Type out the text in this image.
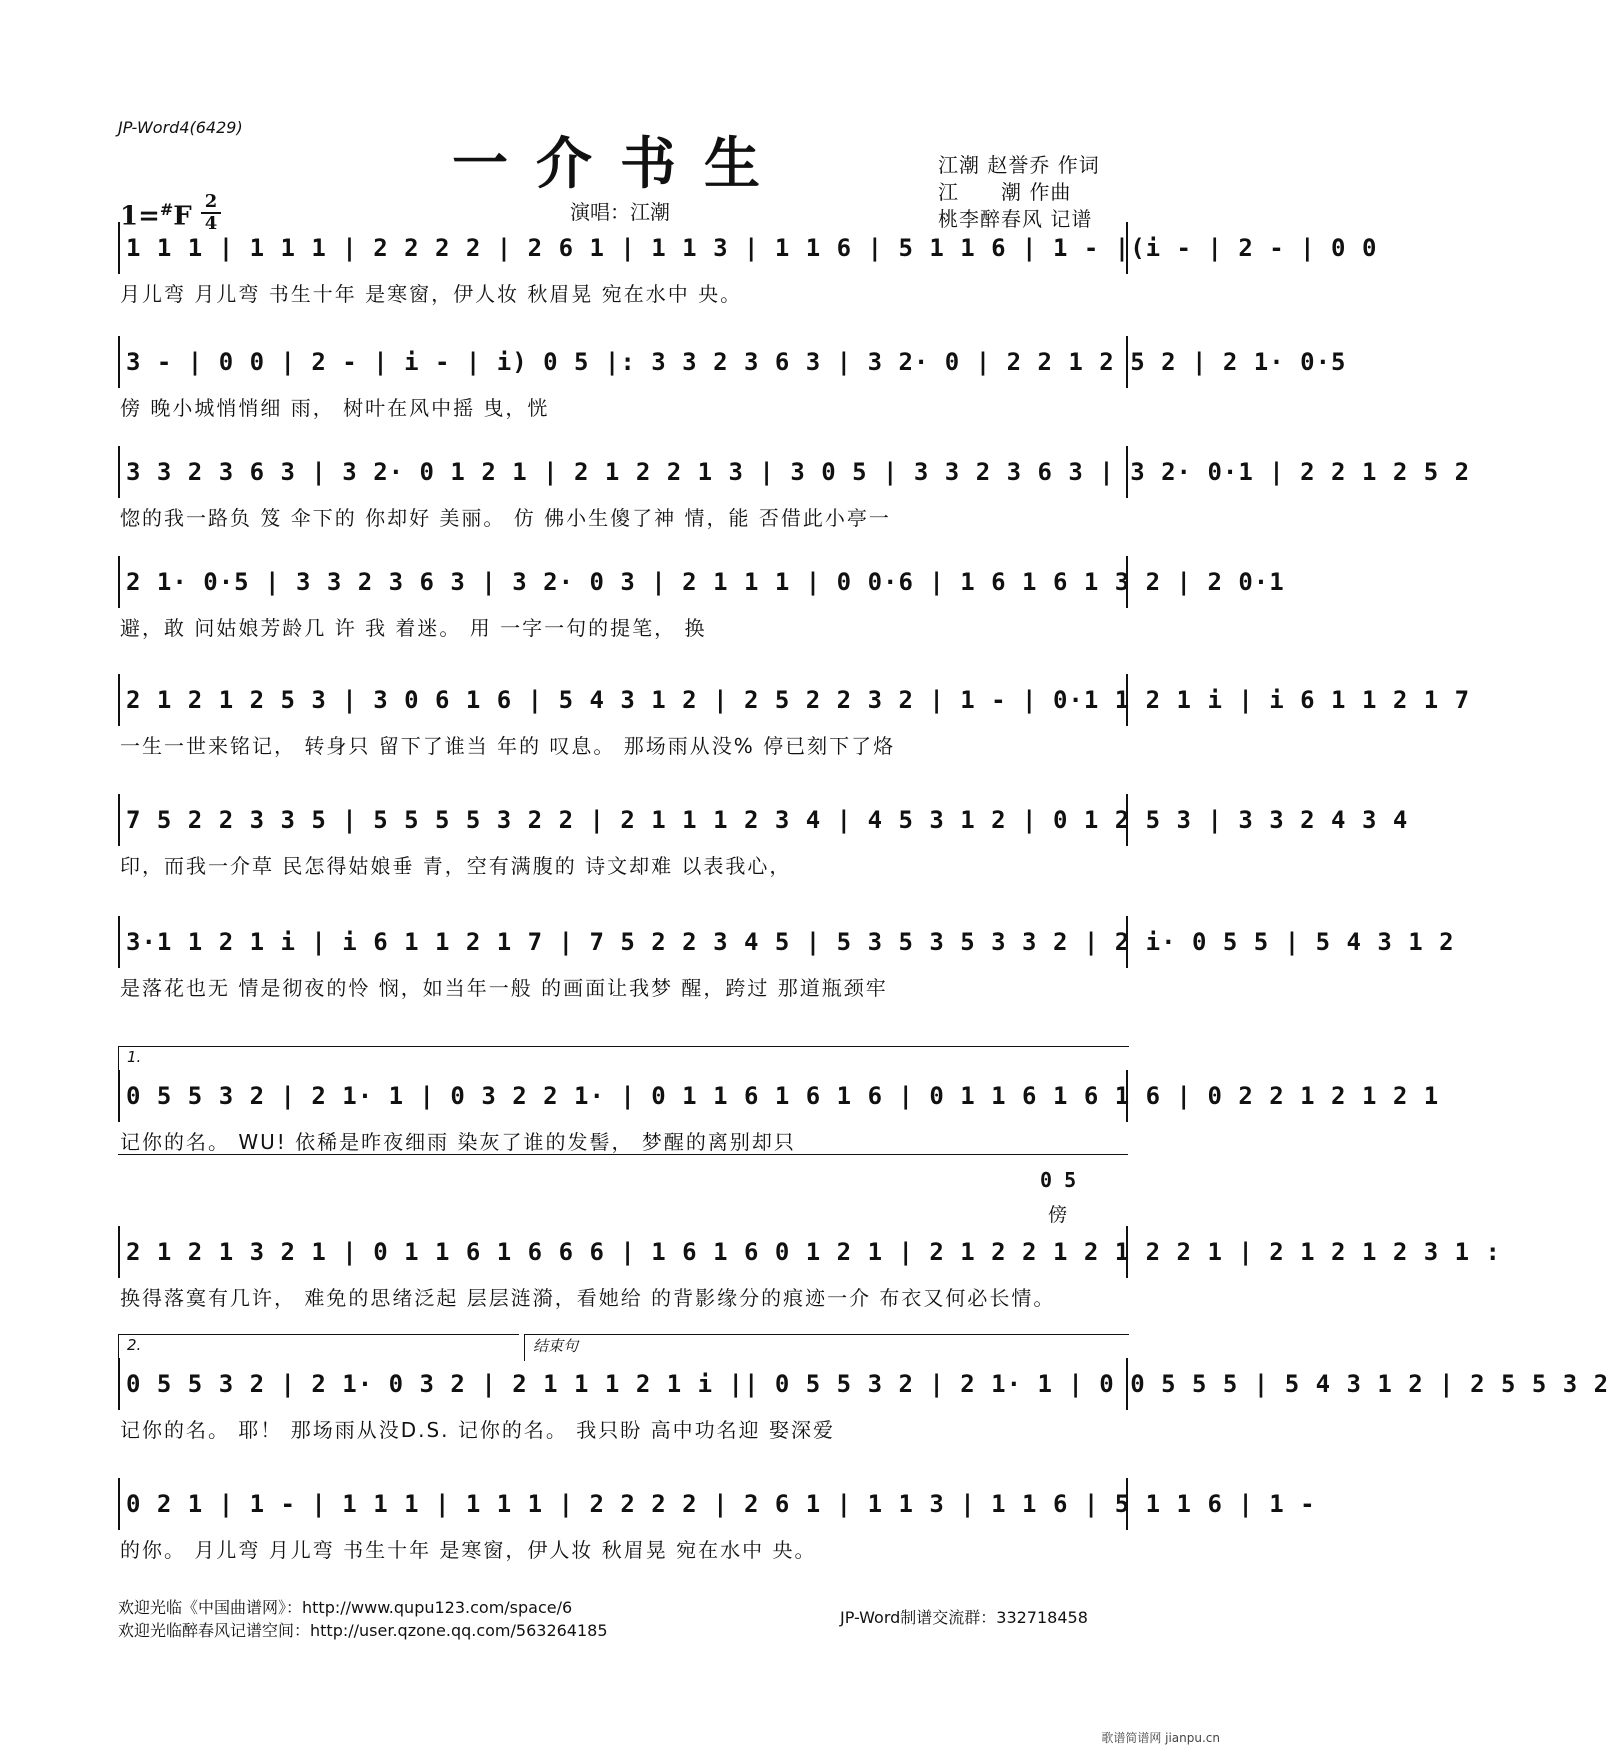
JP-Word4(6429)
一介书生
演唱：江潮
江潮 赵誉乔 作词
江　　潮 作曲
桃李醉春风 记谱
1=#F
2
4
1 1 1 | 1 1 1 | 2 2 2 2 | 2 6 1 | 1 1 3 | 1 1 6 | 5 1 1 6 | 1 - |(i - | 2 - | 0 0
月儿弯 月儿弯 书生十年 是寒窗，伊人妆 秋眉晃 宛在水中 央。
3 - | 0 0 | 2 - | i - | i) 0 5 |: 3 3 2 3 6 3 | 3 2· 0 | 2 2 1 2 5 2 | 2 1· 0·5
傍 晚小城悄悄细 雨， 树叶在风中摇 曳，恍
3 3 2 3 6 3 | 3 2· 0 1 2 1 | 2 1 2 2 1 3 | 3 0 5 | 3 3 2 3 6 3 | 3 2· 0·1 | 2 2 1 2 5 2
惚的我一路负 笈 伞下的 你却好 美丽。 仿 佛小生傻了神 情，能 否借此小亭一
2 1· 0·5 | 3 3 2 3 6 3 | 3 2· 0 3 | 2 1 1 1 | 0 0·6 | 1 6 1 6 1 3 2 | 2 0·1
避，敢 问姑娘芳龄几 许 我 着迷。 用 一字一句的提笔， 换
2 1 2 1 2 5 3 | 3 0 6 1 6 | 5 4 3 1 2 | 2 5 2 2 3 2 | 1 - | 0·1 1 2 1 i | i 6 1 1 2 1 7
一生一世来铭记， 转身只 留下了谁当 年的 叹息。 那场雨从没% 停已刻下了烙
7 5 2 2 3 3 5 | 5 5 5 5 3 2 2 | 2 1 1 1 2 3 4 | 4 5 3 1 2 | 0 1 2 5 3 | 3 3 2 4 3 4
印，而我一介草 民怎得姑娘垂 青，空有满腹的 诗文却难 以表我心，
3·1 1 2 1 i | i 6 1 1 2 1 7 | 7 5 2 2 3 4 5 | 5 3 5 3 5 3 3 2 | 2 i· 0 5 5 | 5 4 3 1 2
是落花也无 情是彻夜的怜 悯，如当年一般 的画面让我梦 醒，跨过 那道瓶颈牢
1.
0 5 5 3 2 | 2 1· 1 | 0 3 2 2 1· | 0 1 1 6 1 6 1 6 | 0 1 1 6 1 6 1 6 | 0 2 2 1 2 1 2 1
记你的名。 WU! 依稀是昨夜细雨 染灰了谁的发髻， 梦醒的离别却只
0 5
傍
2 1 2 1 3 2 1 | 0 1 1 6 1 6 6 6 | 1 6 1 6 0 1 2 1 | 2 1 2 2 1 2 1 2 2 1 | 2 1 2 1 2 3 1 :
换得落寞有几许， 难免的思绪泛起 层层涟漪，看她给 的背影缘分的痕迹一介 布衣又何必长情。
2.	结束句
0 5 5 3 2 | 2 1· 0 3 2 | 2 1 1 1 2 1 i || 0 5 5 3 2 | 2 1· 1 | 0 0 5 5 5 | 5 4 3 1 2 | 2 5 5 3 2
记你的名。 耶！ 那场雨从没D.S. 记你的名。 我只盼 高中功名迎 娶深爱
0 2 1 | 1 - | 1 1 1 | 1 1 1 | 2 2 2 2 | 2 6 1 | 1 1 3 | 1 1 6 | 5 1 1 6 | 1 -
的你。 月儿弯 月儿弯 书生十年 是寒窗，伊人妆 秋眉晃 宛在水中 央。
欢迎光临《中国曲谱网》：http://www.qupu123.com/space/6
欢迎光临醉春风记谱空间：http://user.qzone.qq.com/563264185
JP-Word制谱交流群：332718458
歌谱简谱网 jianpu.cn
